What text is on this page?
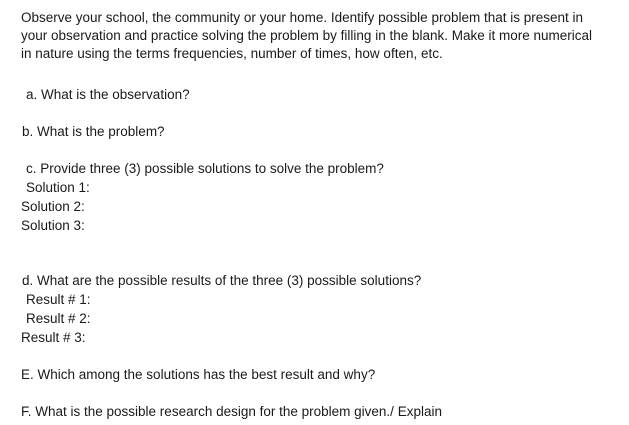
Observe your school, the community or your home. Identify possible problem that is present in
your observation and practice solving the problem by filling in the blank. Make it more numerical
in nature using the terms frequencies, number of times, how often, etc.
a. What is the observation?
b. What is the problem?
c. Provide three (3) possible solutions to solve the problem?
Solution 1:
Solution 2:
Solution 3:
d. What are the possible results of the three (3) possible solutions?
Result # 1:
Result # 2:
Result # 3:
E. Which among the solutions has the best result and why?
F. What is the possible research design for the problem given./ Explain
